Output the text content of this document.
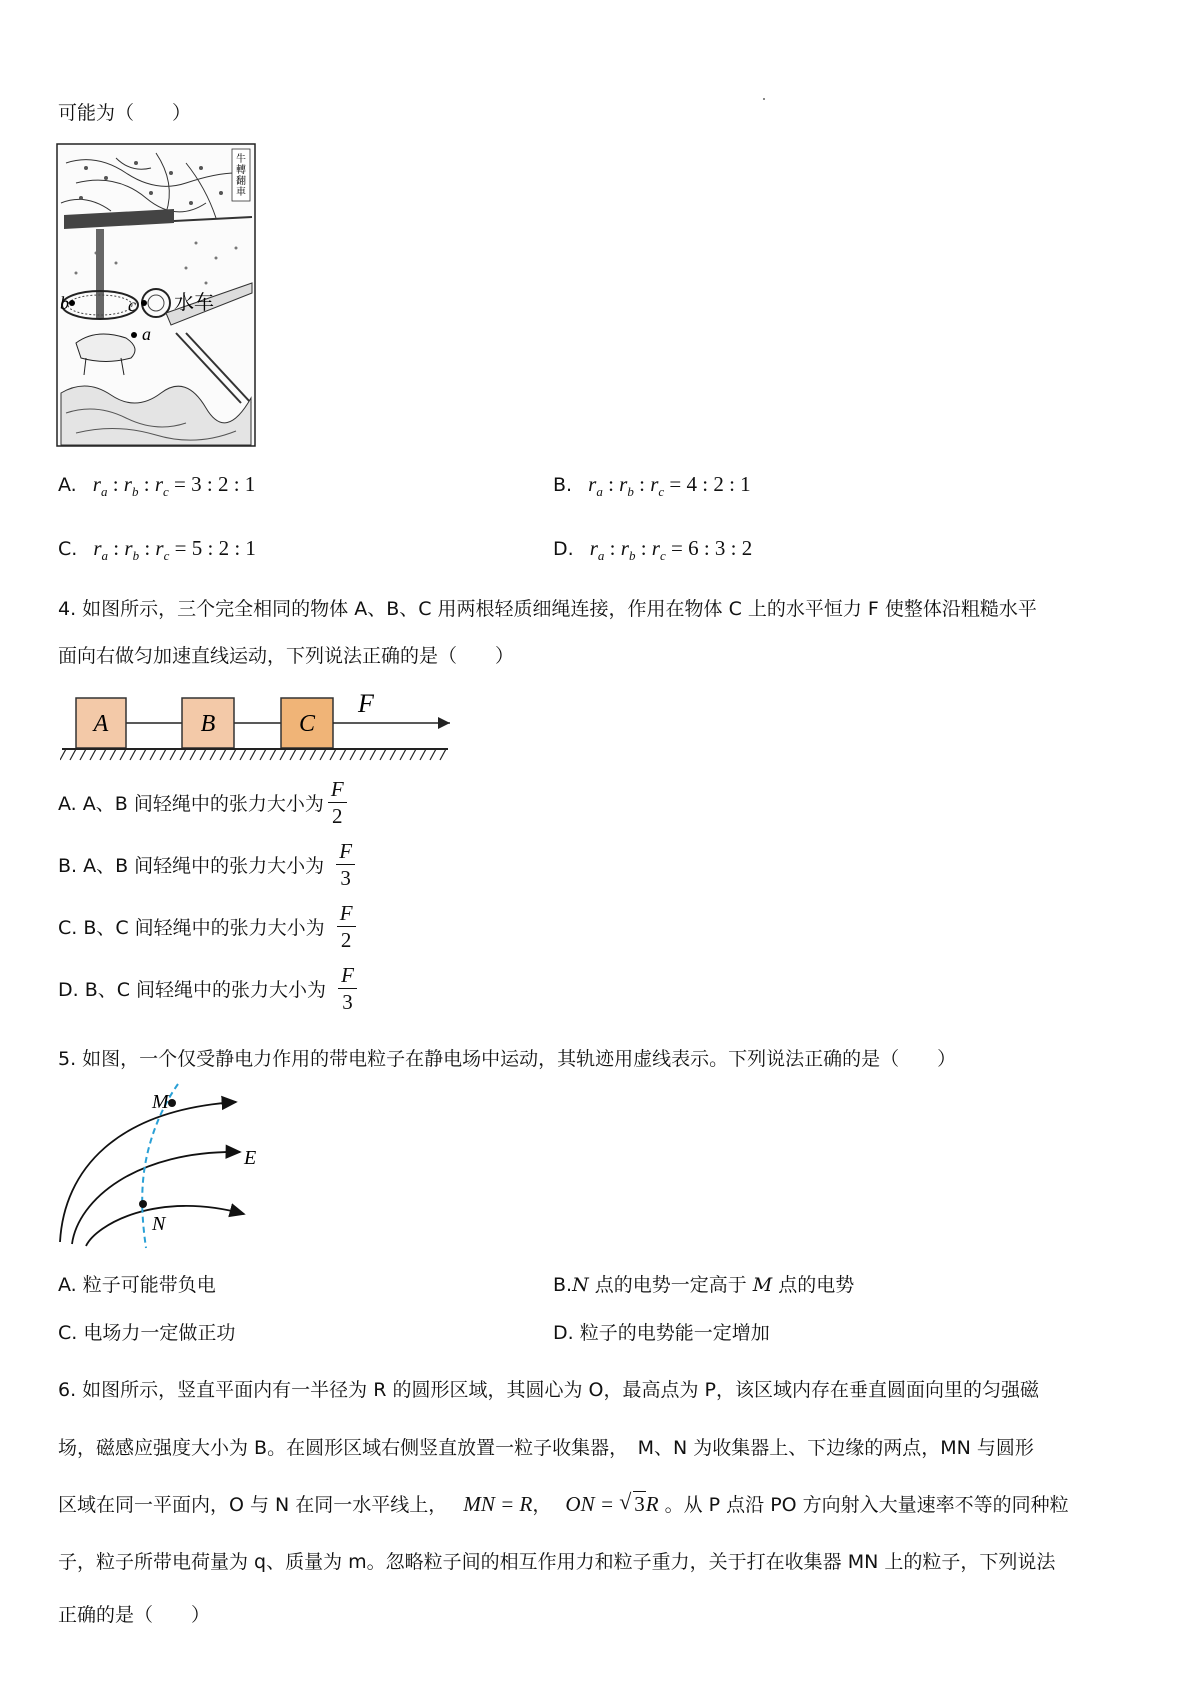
可能为（　　）
牛
轉
翻
車
b	c
a
水车
A. $r_a$ : $r_b$ : $r_c = 3$ : 2 : 1	B. $r_a$ : $r_b$ : $r_c = 4$ : 2 : 1
C. $r_a$ : $r_b$ : $r_c = 5$ : 2 : 1	D. $r_a$ : $r_b$ : $r_c = 6$ : 3 : 2
4. 如图所示，三个完全相同的物体 A、B、C 用两根轻质细绳连接，作用在物体 C 上的水平恒力 F 使整体沿粗糙水平
面向右做匀加速直线运动，下列说法正确的是（　　）
A	B	C
F
A. A、B 间轻绳中的张力大小为 $\frac{F}{2}$
B. A、B 间轻绳中的张力大小为 $\frac{F}{3}$
C. B、C 间轻绳中的张力大小为 $\frac{F}{2}$
D. B、C 间轻绳中的张力大小为 $\frac{F}{3}$
5. 如图，一个仅受静电力作用的带电粒子在静电场中运动，其轨迹用虚线表示。下列说法正确的是（　　）
M
E
N
A. 粒子可能带负电	B.N 点的电势一定高于 M 点的电势
C. 电场力一定做正功	D. 粒子的电势能一定增加
6. 如图所示，竖直平面内有一半径为 R 的圆形区域，其圆心为 O，最高点为 P，该区域内存在垂直圆面向里的匀强磁
场，磁感应强度大小为 B。在圆形区域右侧竖直放置一粒子收集器，　M、N 为收集器上、下边缘的两点，MN 与圆形
区域在同一平面内，O 与 N 在同一水平线上， MN = R， ON = √ 3R 。从 P 点沿 PO 方向射入大量速率不等的同种粒
子，粒子所带电荷量为 q、质量为 m。忽略粒子间的相互作用力和粒子重力，关于打在收集器 MN 上的粒子，下列说法
正确的是（　　）
